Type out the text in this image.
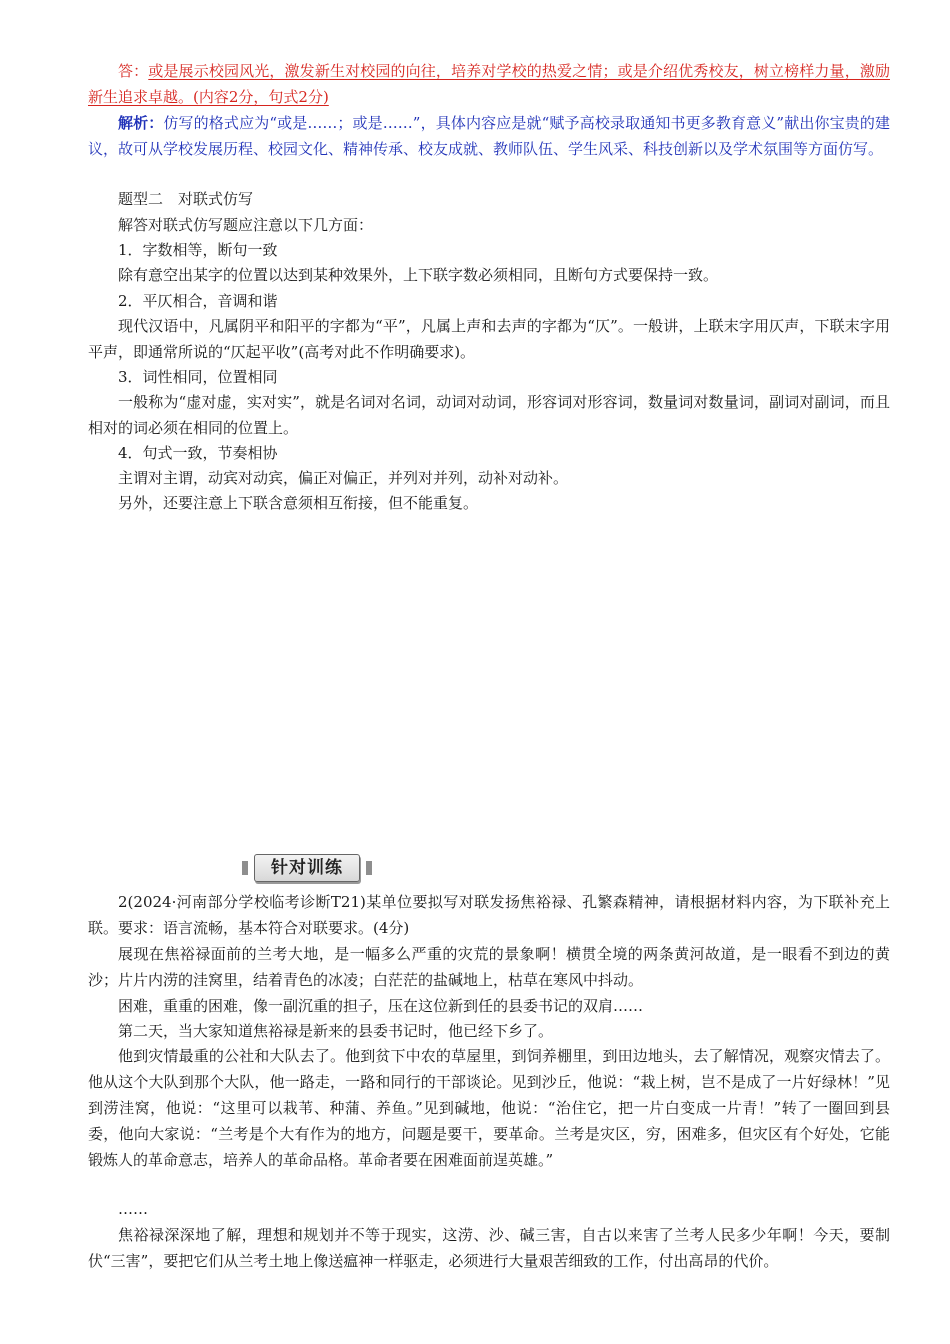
答：或是展示校园风光，激发新生对校园的向往，培养对学校的热爱之情；或是介绍优秀校友，树立榜样力量，激励新生追求卓越。(内容2分，句式2分)

解析：仿写的格式应为“或是……；或是……”，具体内容应是就“赋予高校录取通知书更多教育意义”献出你宝贵的建议，故可从学校发展历程、校园文化、精神传承、校友成就、教师队伍、学生风采、科技创新以及学术氛围等方面仿写。

题型二　对联式仿写

解答对联式仿写题应注意以下几方面：

1．字数相等，断句一致

除有意空出某字的位置以达到某种效果外，上下联字数必须相同，且断句方式要保持一致。

2．平仄相合，音调和谐

现代汉语中，凡属阴平和阳平的字都为“平”，凡属上声和去声的字都为“仄”。一般讲，上联末字用仄声，下联末字用平声，即通常所说的“仄起平收”(高考对此不作明确要求)。

3．词性相同，位置相同

一般称为“虚对虚，实对实”，就是名词对名词，动词对动词，形容词对形容词，数量词对数量词，副词对副词，而且相对的词必须在相同的位置上。

4．句式一致，节奏相协

主谓对主谓，动宾对动宾，偏正对偏正，并列对并列，动补对动补。

另外，还要注意上下联含意须相互衔接，但不能重复。

针对训练

2(2024·河南部分学校临考诊断T21)某单位要拟写对联发扬焦裕禄、孔繁森精神，请根据材料内容，为下联补充上联。要求：语言流畅，基本符合对联要求。(4分)

展现在焦裕禄面前的兰考大地，是一幅多么严重的灾荒的景象啊！横贯全境的两条黄河故道，是一眼看不到边的黄沙；片片内涝的洼窝里，结着青色的冰凌；白茫茫的盐碱地上，枯草在寒风中抖动。

困难，重重的困难，像一副沉重的担子，压在这位新到任的县委书记的双肩……

第二天，当大家知道焦裕禄是新来的县委书记时，他已经下乡了。

他到灾情最重的公社和大队去了。他到贫下中农的草屋里，到饲养棚里，到田边地头，去了解情况，观察灾情去了。他从这个大队到那个大队，他一路走，一路和同行的干部谈论。见到沙丘，他说：“栽上树，岂不是成了一片好绿林！”见到涝洼窝，他说：“这里可以栽苇、种蒲、养鱼。”见到碱地，他说：“治住它，把一片白变成一片青！”转了一圈回到县委，他向大家说：“兰考是个大有作为的地方，问题是要干，要革命。兰考是灾区，穷，困难多，但灾区有个好处，它能锻炼人的革命意志，培养人的革命品格。革命者要在困难面前逞英雄。”

……

焦裕禄深深地了解，理想和规划并不等于现实，这涝、沙、碱三害，自古以来害了兰考人民多少年啊！今天，要制伏“三害”，要把它们从兰考土地上像送瘟神一样驱走，必须进行大量艰苦细致的工作，付出高昂的代价。
